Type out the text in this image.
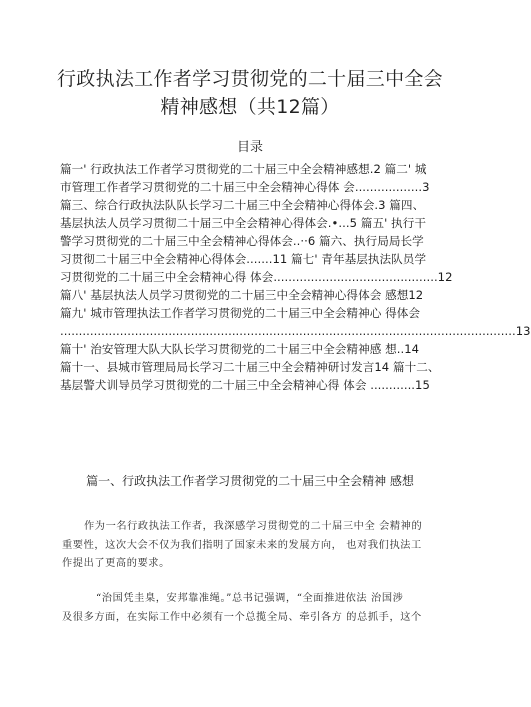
行政执法工作者学习贯彻党的二十届三中全会
精神感想（共12篇）
目录
篇一' 行政执法工作者学习贯彻党的二十届三中全会精神感想.2 篇二' 城
市管理工作者学习贯彻党的二十届三中全会精神心得体 会..................3
篇三、综合行政执法队队长学习二十届三中全会精神心得体会.3 篇四、
基层执法人员学习贯彻二十届三中全会精神心得体会.•...5 篇五' 执行干
警学习贯彻党的二十届三中全会精神心得体会..··6 篇六、执行局局长学
习贯彻二十届三中全会精神心得体会.......11 篇七' 青年基层执法队员学
习贯彻党的二十届三中全会精神心得 体会............................................12
篇八' 基层执法人员学习贯彻党的二十届三中全会精神心得体会 感想12
篇九' 城市管理执法工作者学习贯彻党的二十届三中全会精神心 得体会
..........................................................................................................................13
篇十' 治安管理大队大队长学习贯彻党的二十届三中全会精神感 想..14
篇十一、县城市管理局局长学习二十届三中全会精神研讨发言14 篇十二、
基层警犬训导员学习贯彻党的二十届三中全会精神心得 体会 ............15
篇一、行政执法工作者学习贯彻党的二十届三中全会精神 感想
作为一名行政执法工作者，我深感学习贯彻党的二十届三中全 会精神的
重要性，这次大会不仅为我们指明了国家未来的发展方向， 也对我们执法工
作提出了更高的要求。
“治国凭圭臬，安邦靠准绳。”总书记强调，“全面推进依法 治国涉
及很多方面，在实际工作中必须有一个总揽全局、牵引各方 的总抓手，这个
